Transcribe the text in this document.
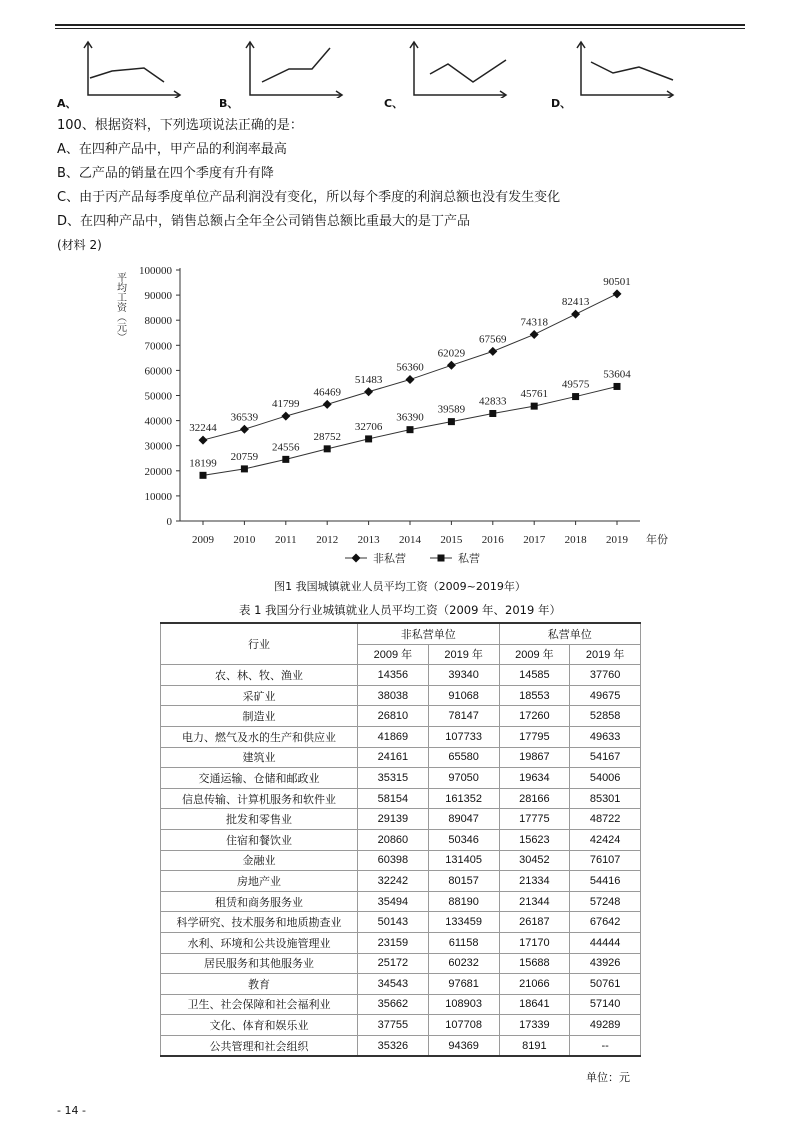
A、	B、	C、	D、
100、根据资料，下列选项说法正确的是：
A、在四种产品中，甲产品的利润率最高
B、乙产品的销量在四个季度有升有降
C、由于丙产品每季度单位产品利润没有变化，所以每个季度的利润总额也没有发生变化
D、在四种产品中，销售总额占全年全公司销售总额比重最大的是丁产品
(材料 2)
0
10000
20000
30000
40000
50000
60000
70000
80000
90000
100000
2009 2010 2011 2012 2013 2014 2015 2016 2017 2018 2019 年份
平均工资（元）
32244
36539
41799
46469
51483
56360
62029
67569
74318
82413
90501
18199
20759
24556
28752
32706
36390
39589
42833
45761
49575
53604
非私营	私营
图1 我国城镇就业人员平均工资（2009~2019年）
表 1 我国分行业城镇就业人员平均工资（2009 年、2019 年）
行业	非私营单位		私营单位	
	2009 年	2019 年	2009 年	2019 年
农、林、牧、渔业	14356	39340	14585	37760
采矿业	38038	91068	18553	49675
制造业	26810	78147	17260	52858
电力、燃气及水的生产和供应业	41869	107733	17795	49633
建筑业	24161	65580	19867	54167
交通运输、仓储和邮政业	35315	97050	19634	54006
信息传输、计算机服务和软件业	58154	161352	28166	85301
批发和零售业	29139	89047	17775	48722
住宿和餐饮业	20860	50346	15623	42424
金融业	60398	131405	30452	76107
房地产业	32242	80157	21334	54416
租赁和商务服务业	35494	88190	21344	57248
科学研究、技术服务和地质勘查业	50143	133459	26187	67642
水利、环境和公共设施管理业	23159	61158	17170	44444
居民服务和其他服务业	25172	60232	15688	43926
教育	34543	97681	21066	50761
卫生、社会保障和社会福利业	35662	108903	18641	57140
文化、体育和娱乐业	37755	107708	17339	49289
公共管理和社会组织	35326	94369	8191	--
单位：元
- 14 -
